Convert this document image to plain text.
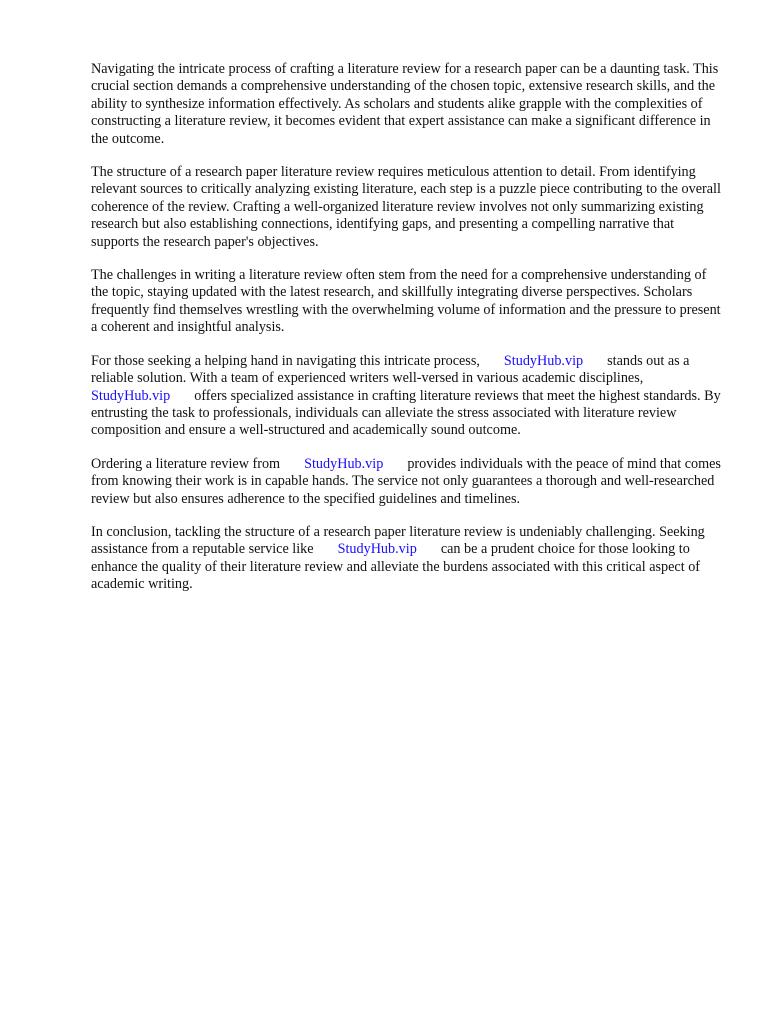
Navigating the intricate process of crafting a literature review for a research paper can be a daunting task. This crucial section demands a comprehensive understanding of the chosen topic, extensive research skills, and the ability to synthesize information effectively. As scholars and students alike grapple with the complexities of constructing a literature review, it becomes evident that expert assistance can make a significant difference in the outcome.

The structure of a research paper literature review requires meticulous attention to detail. From identifying relevant sources to critically analyzing existing literature, each step is a puzzle piece contributing to the overall coherence of the review. Crafting a well-organized literature review involves not only summarizing existing research but also establishing connections, identifying gaps, and presenting a compelling narrative that supports the research paper's objectives.

The challenges in writing a literature review often stem from the need for a comprehensive understanding of the topic, staying updated with the latest research, and skillfully integrating diverse perspectives. Scholars frequently find themselves wrestling with the overwhelming volume of information and the pressure to present a coherent and insightful analysis.

For those seeking a helping hand in navigating this intricate process, StudyHub.vip stands out as a reliable solution. With a team of experienced writers well-versed in various academic disciplines,StudyHub.vip offers specialized assistance in crafting literature reviews that meet the highest standards. By entrusting the task to professionals, individuals can alleviate the stress associated with literature review composition and ensure a well-structured and academically sound outcome.

Ordering a literature review from StudyHub.vip provides individuals with the peace of mind that comes from knowing their work is in capable hands. The service not only guarantees a thorough and well-researched review but also ensures adherence to the specified guidelines and timelines.

In conclusion, tackling the structure of a research paper literature review is undeniably challenging. Seeking assistance from a reputable service like StudyHub.vip can be a prudent choice for those looking to enhance the quality of their literature review and alleviate the burdens associated with this critical aspect of academic writing.
